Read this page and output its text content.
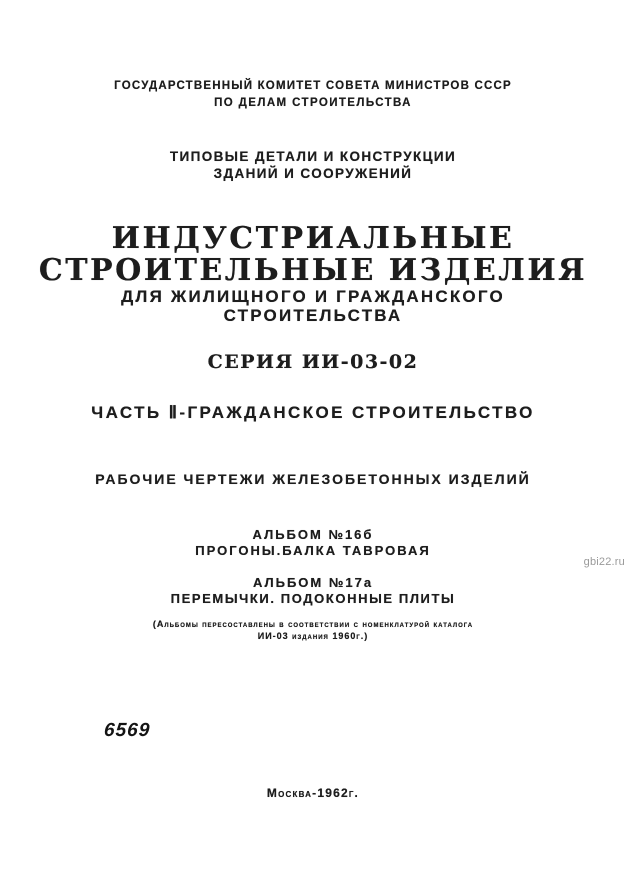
ГОСУДАРСТВЕННЫЙ КОМИТЕТ СОВЕТА МИНИСТРОВ СССР
ПО ДЕЛАМ СТРОИТЕЛЬСТВА
ТИПОВЫЕ ДЕТАЛИ И КОНСТРУКЦИИ
ЗДАНИЙ И СООРУЖЕНИЙ
ИНДУСТРИАЛЬНЫЕ
СТРОИТЕЛЬНЫЕ ИЗДЕЛИЯ
ДЛЯ ЖИЛИЩНОГО И ГРАЖДАНСКОГО
СТРОИТЕЛЬСТВА
СЕРИЯ ИИ-03-02
ЧАСТЬ Ⅱ-ГРАЖДАНСКОЕ СТРОИТЕЛЬСТВО
РАБОЧИЕ ЧЕРТЕЖИ ЖЕЛЕЗОБЕТОННЫХ ИЗДЕЛИЙ
АЛЬБОМ №16б
ПРОГОНЫ.БАЛКА ТАВРОВАЯ
АЛЬБОМ №17а
ПЕРЕМЫЧКИ. ПОДОКОННЫЕ ПЛИТЫ
(Альбомы пересоставлены в соответствии с номенклатурой каталога
ИИ-03 издания 1960г.)
6569
Москва-1962г.
gbi22.ru
